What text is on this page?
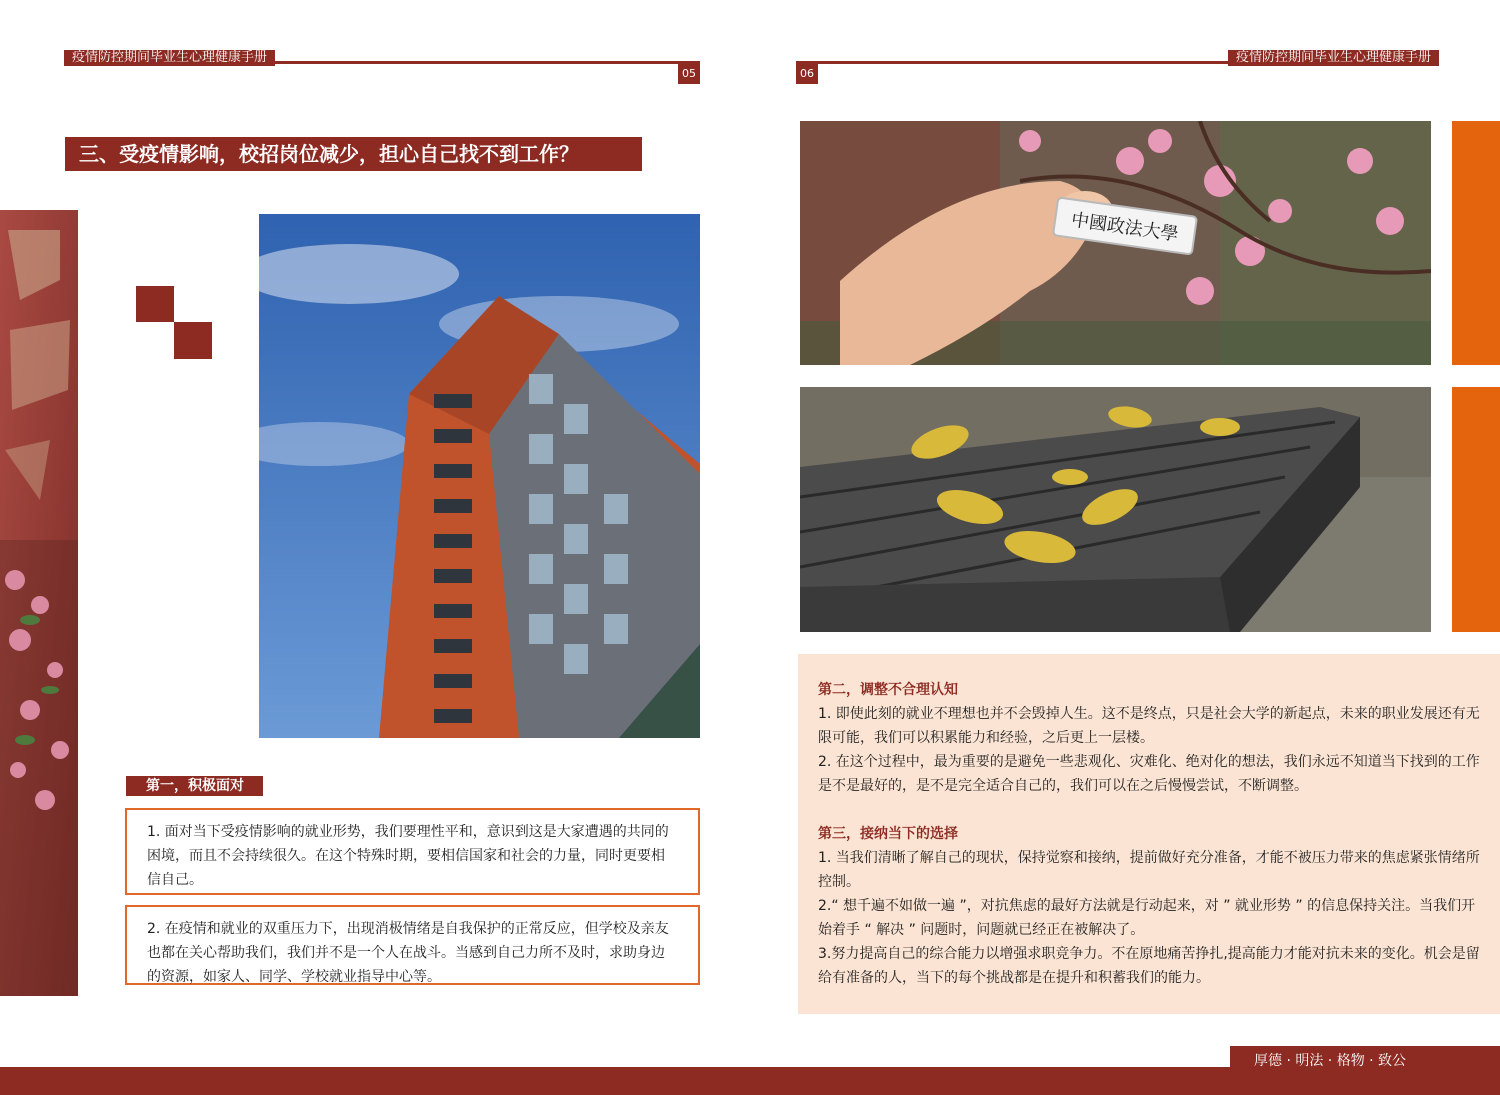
疫情防控期间毕业生心理健康手册
05
疫情防控期间毕业生心理健康手册
06
三、受疫情影响，校招岗位减少，担心自己找不到工作？
第一，积极面对
1. 面对当下受疫情影响的就业形势，我们要理性平和，意识到这是大家遭遇的共同的困境，而且不会持续很久。在这个特殊时期，要相信国家和社会的力量，同时更要相信自己。
2. 在疫情和就业的双重压力下，出现消极情绪是自我保护的正常反应，但学校及亲友也都在关心帮助我们，我们并不是一个人在战斗。当感到自己力所不及时，求助身边的资源，如家人、同学、学校就业指导中心等。
中國政法大學
第二，调整不合理认知
1. 即使此刻的就业不理想也并不会毁掉人生。这不是终点，只是社会大学的新起点，未来的职业发展还有无限可能，我们可以积累能力和经验，之后更上一层楼。
2. 在这个过程中，最为重要的是避免一些悲观化、灾难化、绝对化的想法，我们永远不知道当下找到的工作是不是最好的，是不是完全适合自己的，我们可以在之后慢慢尝试，不断调整。
第三，接纳当下的选择
1. 当我们清晰了解自己的现状，保持觉察和接纳，提前做好充分准备，才能不被压力带来的焦虑紧张情绪所控制。
2.“ 想千遍不如做一遍 ”，对抗焦虑的最好方法就是行动起来，对 ” 就业形势 ” 的信息保持关注。当我们开始着手 “ 解决 ” 问题时，问题就已经正在被解决了。
3.努力提高自己的综合能力以增强求职竞争力。不在原地痛苦挣扎,提高能力才能对抗未来的变化。机会是留给有准备的人，当下的每个挑战都是在提升和积蓄我们的能力。
厚德 · 明法 · 格物 · 致公
